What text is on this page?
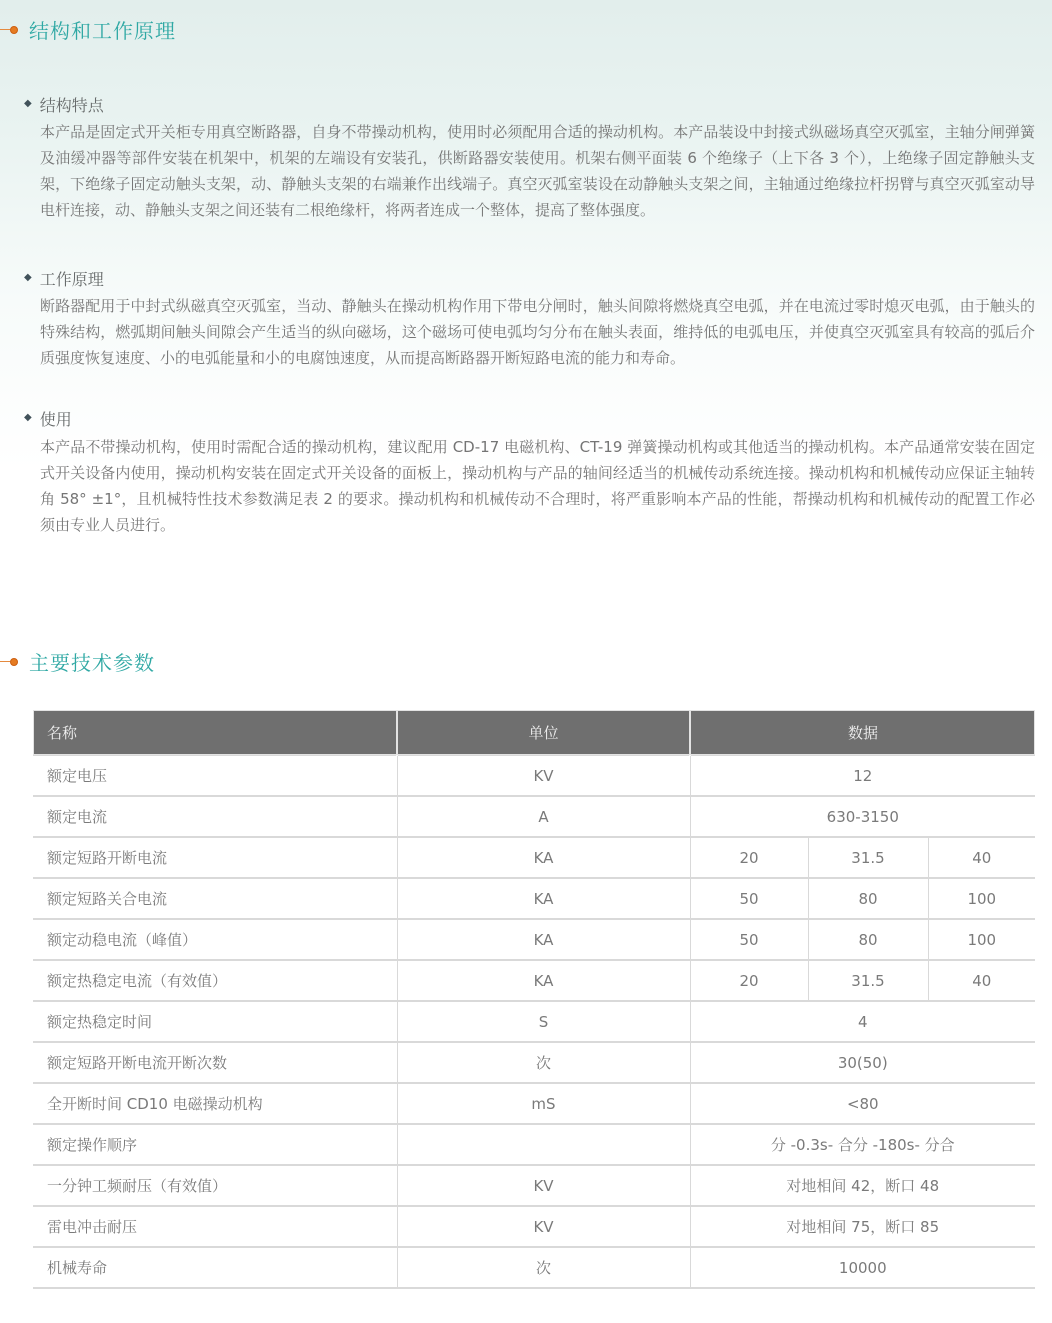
结构和工作原理
◆ 结构特点

本产品是固定式开关柜专用真空断路器，自身不带操动机构，使用时必须配用合适的操动机构。本产品装设中封接式纵磁场真空灭弧室，主轴分闸弹簧及油缓冲器等部件安装在机架中，机架的左端设有安装孔，供断路器安装使用。机架右侧平面装 6 个绝缘子（上下各 3 个），上绝缘子固定静触头支架，下绝缘子固定动触头支架，动、静触头支架的右端兼作出线端子。真空灭弧室装设在动静触头支架之间，主轴通过绝缘拉杆拐臂与真空灭弧室动导电杆连接，动、静触头支架之间还装有二根绝缘杆，将两者连成一个整体，提高了整体强度。

◆ 工作原理

断路器配用于中封式纵磁真空灭弧室，当动、静触头在操动机构作用下带电分闸时，触头间隙将燃烧真空电弧，并在电流过零时熄灭电弧，由于触头的特殊结构，燃弧期间触头间隙会产生适当的纵向磁场，这个磁场可使电弧均匀分布在触头表面，维持低的电弧电压，并使真空灭弧室具有较高的弧后介质强度恢复速度、小的电弧能量和小的电腐蚀速度，从而提高断路器开断短路电流的能力和寿命。

◆ 使用

本产品不带操动机构，使用时需配合适的操动机构，建议配用 CD-17 电磁机构、CT-19 弹簧操动机构或其他适当的操动机构。本产品通常安装在固定式开关设备内使用，操动机构安装在固定式开关设备的面板上，操动机构与产品的轴间经适当的机械传动系统连接。操动机构和机械传动应保证主轴转角 58° ±1°，且机械特性技术参数满足表 2 的要求。操动机构和机械传动不合理时，将严重影响本产品的性能，帮操动机构和机械传动的配置工作必须由专业人员进行。

主要技术参数
名称	单位	数据		
额定电压	KV	12		
额定电流	A	630-3150		
额定短路开断电流	KA	20	31.5	40
额定短路关合电流	KA	50	80	100
额定动稳电流（峰值）	KA	50	80	100
额定热稳定电流（有效值）	KA	20	31.5	40
额定热稳定时间	S	4		
额定短路开断电流开断次数	次	30(50)		
全开断时间 CD10 电磁操动机构	mS	<80		
额定操作顺序		分 -0.3s- 合分 -180s- 分合		
一分钟工频耐压（有效值）	KV	对地相间 42，断口 48		
雷电冲击耐压	KV	对地相间 75，断口 85		
机械寿命	次	10000		
